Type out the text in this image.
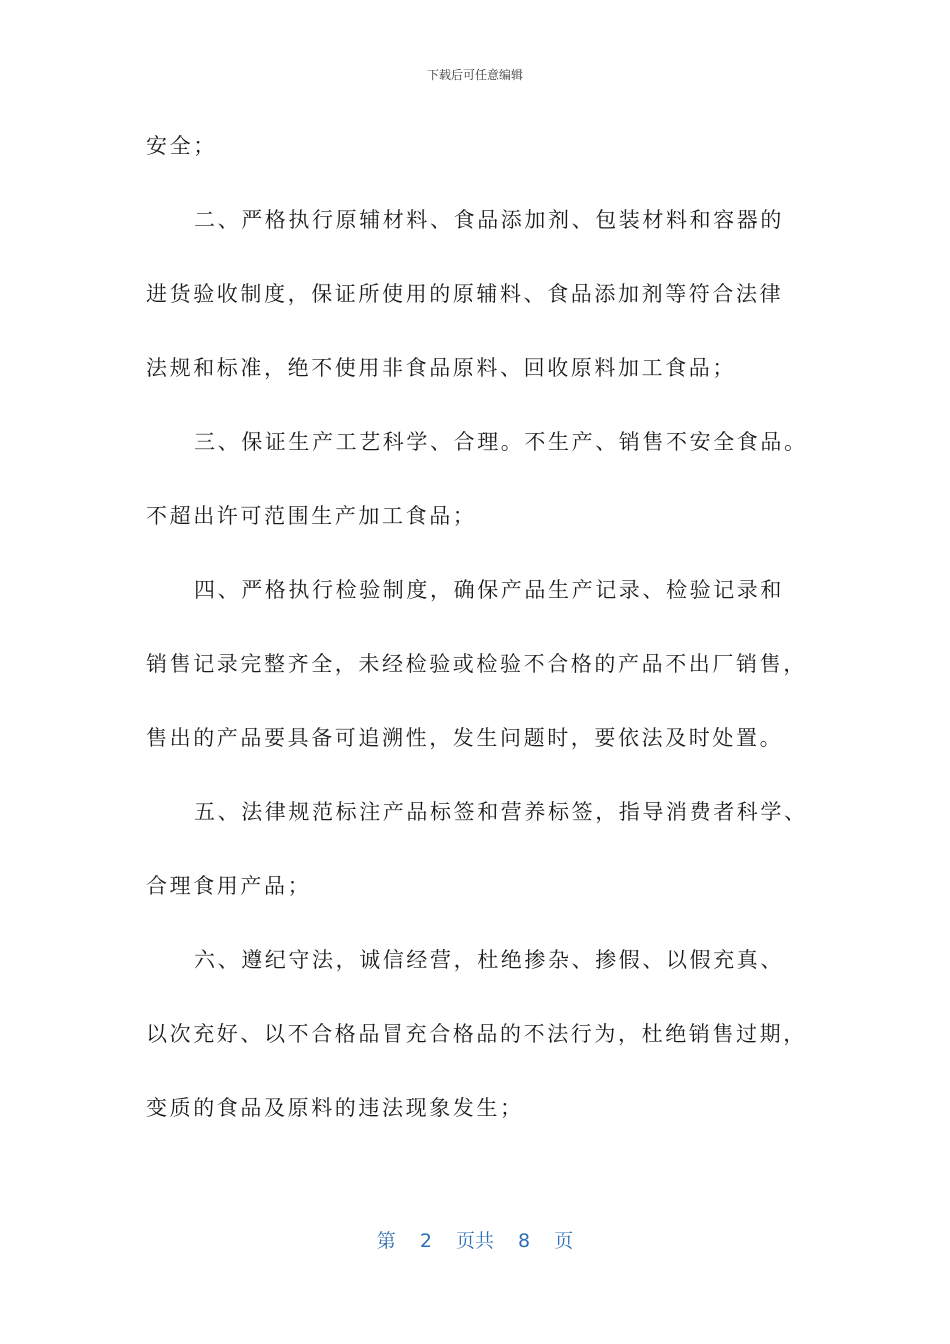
下载后可任意编辑
安全；
二、严格执行原辅材料、食品添加剂、包装材料和容器的
进货验收制度，保证所使用的原辅料、食品添加剂等符合法律
法规和标准，绝不使用非食品原料、回收原料加工食品；
三、保证生产工艺科学、合理。不生产、销售不安全食品。
不超出许可范围生产加工食品；
四、严格执行检验制度，确保产品生产记录、检验记录和
销售记录完整齐全，未经检验或检验不合格的产品不出厂销售，
售出的产品要具备可追溯性，发生问题时，要依法及时处置。
五、法律规范标注产品标签和营养标签，指导消费者科学、
合理食用产品；
六、遵纪守法，诚信经营，杜绝掺杂、掺假、以假充真、
以次充好、以不合格品冒充合格品的不法行为，杜绝销售过期，
变质的食品及原料的违法现象发生；
第 2 页共 8 页
